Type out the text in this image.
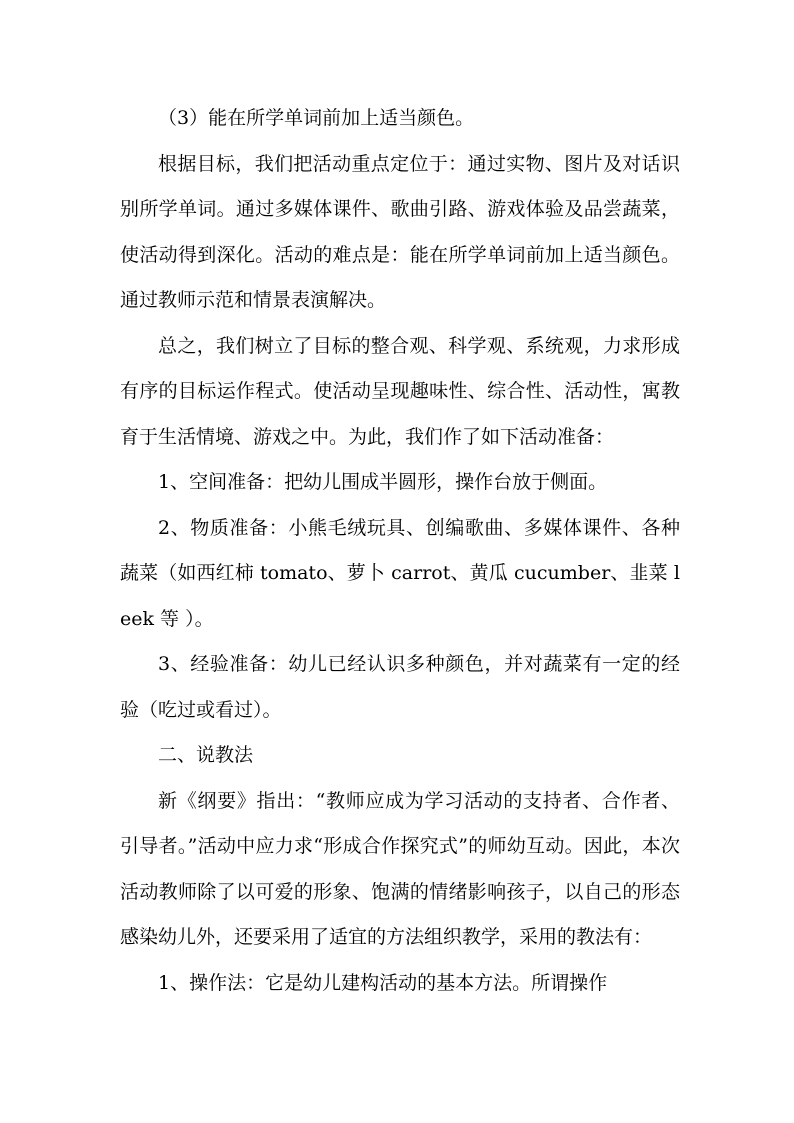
（3）能在所学单词前加上适当颜色。

根据目标，我们把活动重点定位于：通过实物、图片及对话识别所学单词。通过多媒体课件、歌曲引路、游戏体验及品尝蔬菜，使活动得到深化。活动的难点是：能在所学单词前加上适当颜色。通过教师示范和情景表演解决。

总之，我们树立了目标的整合观、科学观、系统观，力求形成有序的目标运作程式。使活动呈现趣味性、综合性、活动性，寓教育于生活情境、游戏之中。为此，我们作了如下活动准备：

1、空间准备：把幼儿围成半圆形，操作台放于侧面。

2、物质准备：小熊毛绒玩具、创编歌曲、多媒体课件、各种蔬菜（如西红柿 tomato、萝卜 carrot、黄瓜 cucumber、韭菜 leek 等 ）。

3、经验准备：幼儿已经认识多种颜色，并对蔬菜有一定的经验（吃过或看过）。

二、说教法

新《纲要》指出：“教师应成为学习活动的支持者、合作者、引导者。”活动中应力求“形成合作探究式”的师幼互动。因此，本次活动教师除了以可爱的形象、饱满的情绪影响孩子，以自己的形态感染幼儿外，还要采用了适宜的方法组织教学，采用的教法有：

1、操作法：它是幼儿建构活动的基本方法。所谓操作
